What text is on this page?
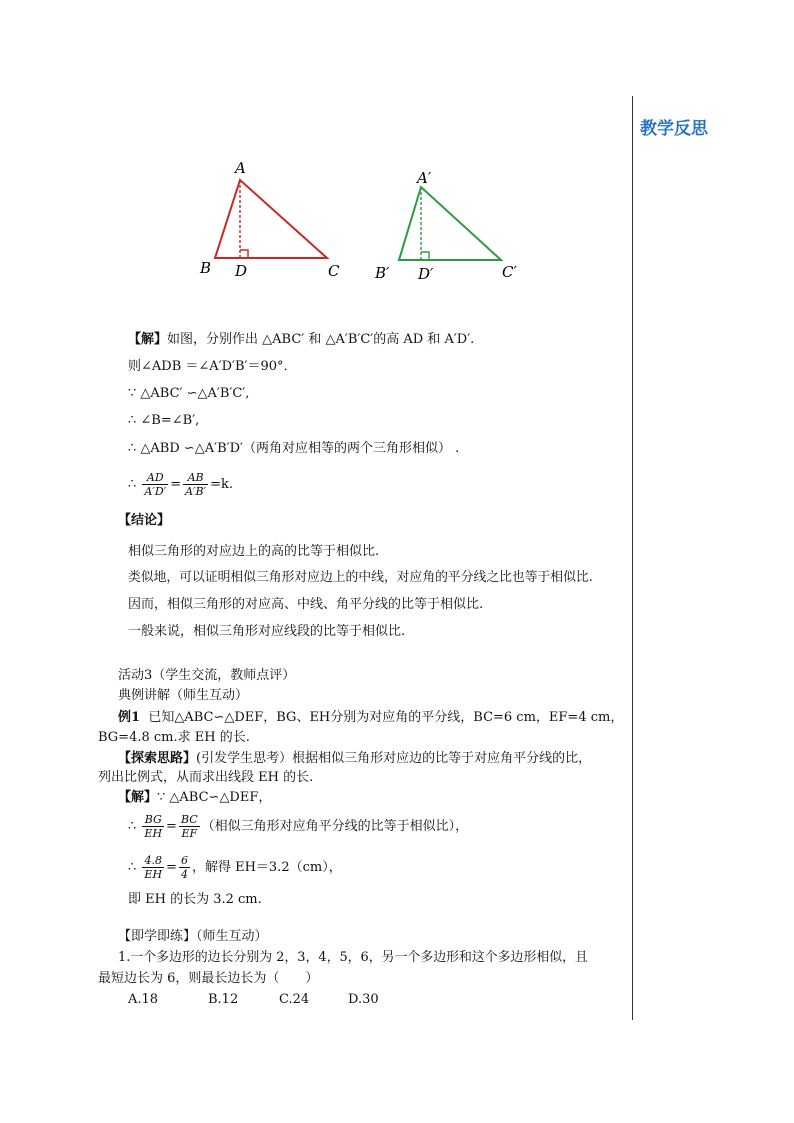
教学反思
A
B D	C
A′
B′ D′	C′
【解】如图，分别作出 △ABC′ 和 △A′B′C′的高 AD 和 A′D′.
则∠ADB ＝∠A′D′B′＝90°．
∵ △ABC′ ∽△A′B′C′,
∴ ∠B=∠B′,
∴ △ABD ∽△A′B′D′（两角对应相等的两个三角形相似） .
∴ $\frac{AD}{A'D'} = \frac{AB}{A'B'} =k$.
【结论】
相似三角形的对应边上的高的比等于相似比.
类似地，可以证明相似三角形对应边上的中线，对应角的平分线之比也等于相似比.
因而，相似三角形的对应高、中线、角平分线的比等于相似比.
一般来说，相似三角形对应线段的比等于相似比.
活动3（学生交流，教师点评）
典例讲解（师生互动）
例1 已知△ABC∽△DEF，BG、EH分别为对应角的平分线，BC=6 cm，EF=4 cm，
BG=4.8 cm.求 EH 的长.
【探索思路】(引发学生思考）根据相似三角形对应边的比等于对应角平分线的比，
列出比例式，从而求出线段 EH 的长.
【解】∵ △ABC∽△DEF，
∴ $\frac{BG}{EH} = \frac{BC}{EF}$ （相似三角形对应角平分线的比等于相似比），
∴ $\frac{4.8}{EH} = \frac{6}{4}$ ，解得 EH＝3.2（cm），
即 EH 的长为 3.2 cm.
【即学即练】（师生互动）
1.一个多边形的边长分别为 2，3，4，5，6，另一个多边形和这个多边形相似，且
最短边长为 6，则最长边长为（　　）
A.18	B.12	C.24	D.30
